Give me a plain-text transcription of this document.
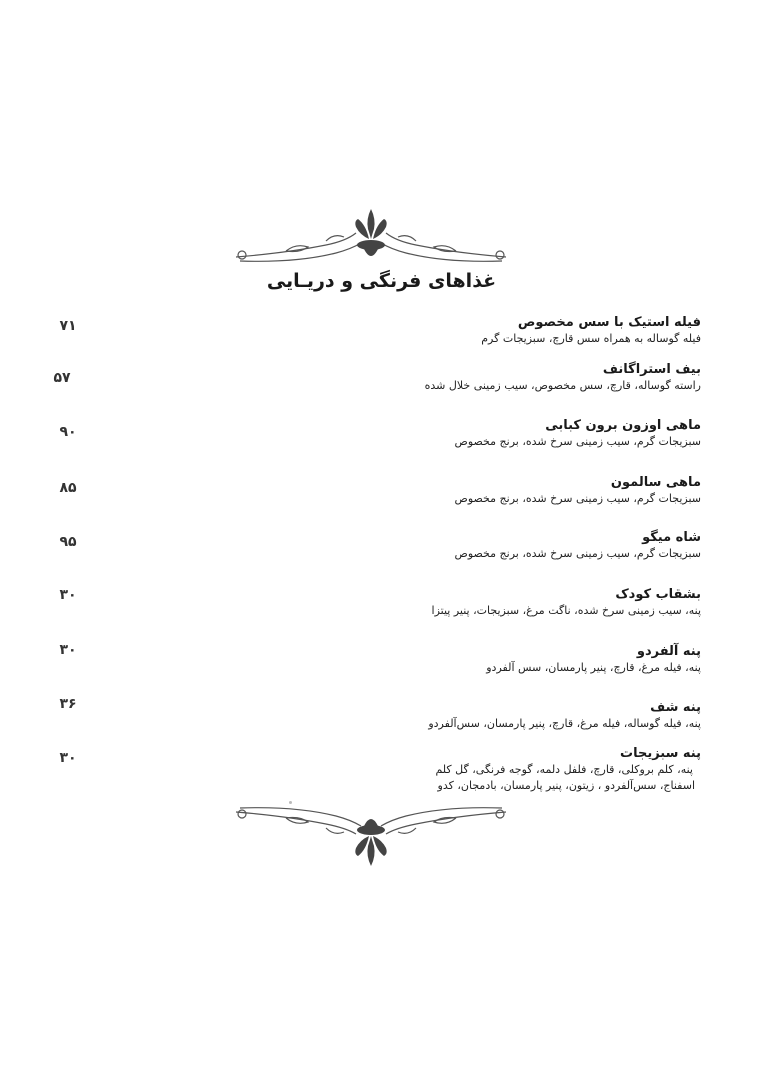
غذاهای فرنگی و دریـایی
فیله استیک با سس مخصوص
فیله گوساله به همراه سس قارچ، سبزیجات گرم
۷۱
بیف استراگانف
راسته گوساله، قارچ، سس مخصوص، سیب زمینی خلال شده
۵۷
ماهی اوزون برون کبابی
سبزیجات گرم، سیب زمینی سرخ شده، برنج مخصوص
۹۰
ماهی سالمون
سبزیجات گرم، سیب زمینی سرخ شده، برنج مخصوص
۸۵
شاه میگو
سبزیجات گرم، سیب زمینی سرخ شده، برنج مخصوص
۹۵
بشقاب کودک
پنه، سیب زمینی سرخ شده، ناگت مرغ، سبزیجات، پنیر پیتزا
۳۰
پنه آلفردو
پنه، فیله مرغ، قارچ، پنیر پارمسان، سس آلفردو
۳۰
پنه شف
پنه، فیله گوساله، فیله مرغ، قارچ، پنیر پارمسان، سس‌آلفردو
۳۶
پنه سبزیجات
پنه، کلم بروکلی، قارچ، فلفل دلمه، گوجه فرنگی، گل کلم
اسفناج، سس‌آلفردو ، زیتون، پنیر پارمسان، بادمجان، کدو
۳۰
